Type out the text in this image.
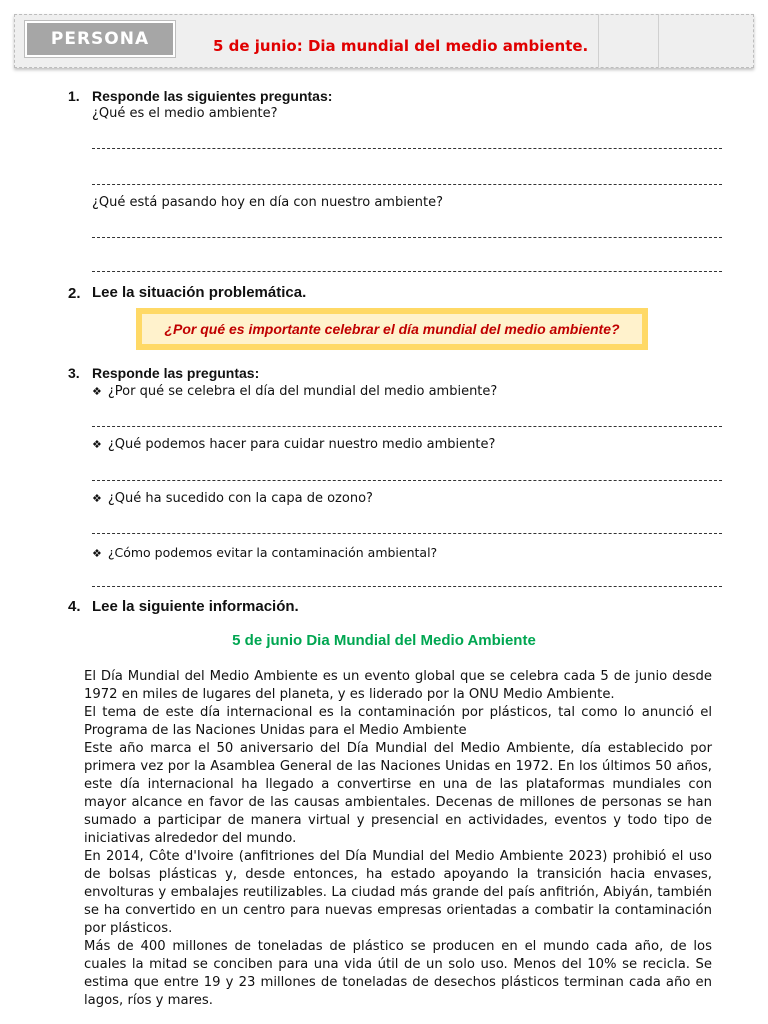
PERSONA	5 de junio: Dia mundial del medio ambiente.
1. Responde las siguientes preguntas:
¿Qué es el medio ambiente?
¿Qué está pasando hoy en día con nuestro ambiente?
2. Lee la situación problemática.
¿Por qué es importante celebrar el día mundial del medio ambiente?
3. Responde las preguntas:
❖ ¿Por qué se celebra el día del mundial del medio ambiente?
❖ ¿Qué podemos hacer para cuidar nuestro medio ambiente?
❖ ¿Qué ha sucedido con la capa de ozono?
❖ ¿Cómo podemos evitar la contaminación ambiental?
4. Lee la siguiente información.
5 de junio Dia Mundial del Medio Ambiente

El Día Mundial del Medio Ambiente es un evento global que se celebra cada 5 de junio desde 1972 en miles de lugares del planeta, y es liderado por la ONU Medio Ambiente.

El tema de este día internacional es la contaminación por plásticos, tal como lo anunció el Programa de las Naciones Unidas para el Medio Ambiente

Este año marca el 50 aniversario del Día Mundial del Medio Ambiente, día establecido por primera vez por la Asamblea General de las Naciones Unidas en 1972. En los últimos 50 años, este día internacional ha llegado a convertirse en una de las plataformas mundiales con mayor alcance en favor de las causas ambientales. Decenas de millones de personas se han sumado a participar de manera virtual y presencial en actividades, eventos y todo tipo de iniciativas alrededor del mundo.

En 2014, Côte d'Ivoire (anfitriones del Día Mundial del Medio Ambiente 2023) prohibió el uso de bolsas plásticas y, desde entonces, ha estado apoyando la transición hacia envases, envolturas y embalajes reutilizables. La ciudad más grande del país anfitrión, Abiyán, también se ha convertido en un centro para nuevas empresas orientadas a combatir la contaminación por plásticos.

Más de 400 millones de toneladas de plástico se producen en el mundo cada año, de los cuales la mitad se conciben para una vida útil de un solo uso. Menos del 10% se recicla. Se estima que entre 19 y 23 millones de toneladas de desechos plásticos terminan cada año en lagos, ríos y mares.
